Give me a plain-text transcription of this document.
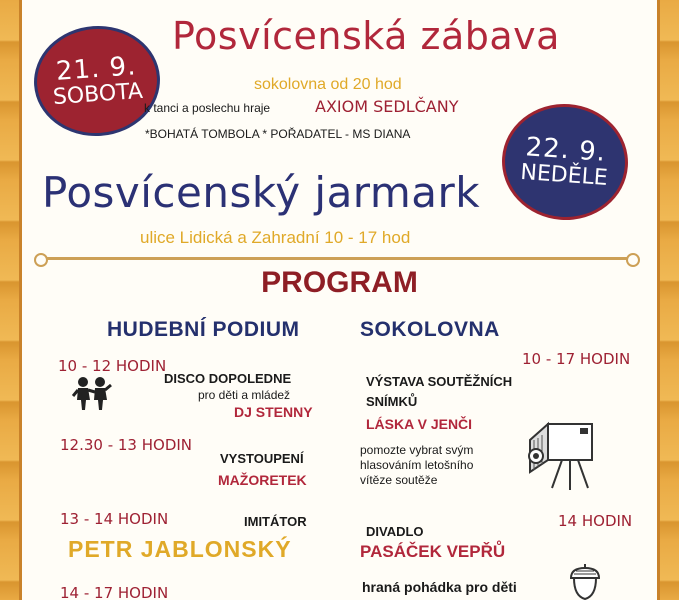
21. 9.
SOBOTA
Posvícenská zábava
sokolovna od 20 hod
k tanci a poslechu hraje	AXIOM SEDLČANY
*BOHATÁ TOMBOLA * POŘADATEL - MS DIANA	22. 9.
NEDĚLE
Posvícenský jarmark
ulice Lidická a Zahradní 10 - 17 hod
PROGRAM
HUDEBNÍ PODIUM	SOKOLOVNA
10 - 12 HODIN
DISCO DOPOLEDNE
pro děti a mládež
DJ STENNY
12.30 - 13 HODIN
VYSTOUPENÍ
MAŽORETEK
13 - 14 HODIN	IMITÁTOR
PETR JABLONSKÝ
14 - 17 HODIN
10 - 17 HODIN
VÝSTAVA SOUTĚŽNÍCH
SNÍMKŮ
LÁSKA V JENČI
pomozte vybrat svým
hlasováním letošního
vítěze soutěže
14 HODIN
DIVADLO
PASÁČEK VEPŘŮ
hraná pohádka pro děti
